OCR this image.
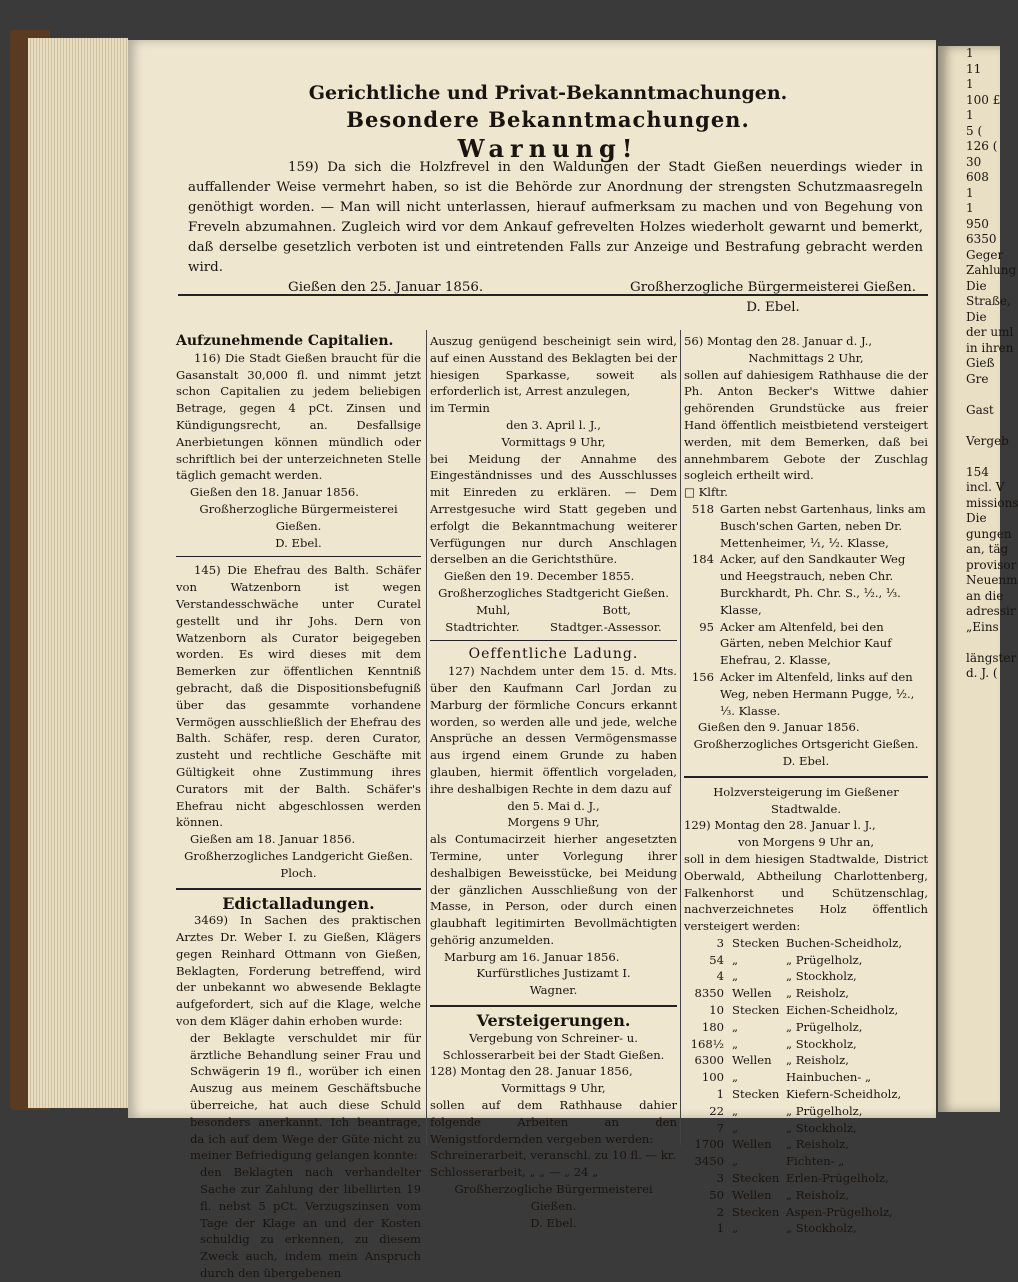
Gerichtliche und Privat-Bekanntmachungen.

Besondere Bekanntmachungen.

Warnung!

159) Da sich die Holzfrevel in den Waldungen der Stadt Gießen neuerdings wieder in auffallender Weise vermehrt haben, so ist die Behörde zur Anordnung der strengsten Schutzmaasregeln genöthigt worden. — Man will nicht unterlassen, hierauf aufmerksam zu machen und von Begehung von Freveln abzumahnen. Zugleich wird vor dem Ankauf gefrevelten Holzes wiederholt gewarnt und bemerkt, daß derselbe gesetzlich verboten ist und eintretenden Falls zur Anzeige und Bestrafung gebracht werden wird.

Gießen den 25. Januar 1856.	Großherzogliche Bürgermeisterei Gießen.
D. Ebel.

Aufzunehmende Capitalien.

116) Die Stadt Gießen braucht für die Gasanstalt 30,000 fl. und nimmt jetzt schon Capitalien zu jedem beliebigen Betrage, gegen 4 pCt. Zinsen und Kündigungsrecht, an. Desfallsige Anerbietungen können mündlich oder schriftlich bei der unterzeichneten Stelle täglich gemacht werden.

Gießen den 18. Januar 1856.

Großherzogliche Bürgermeisterei Gießen.

D. Ebel.

145) Die Ehefrau des Balth. Schäfer von Watzenborn ist wegen Verstandesschwäche unter Curatel gestellt und ihr Johs. Dern von Watzenborn als Curator beigegeben worden. Es wird dieses mit dem Bemerken zur öffentlichen Kenntniß gebracht, daß die Dispositionsbefugniß über das gesammte vorhandene Vermögen ausschließlich der Ehefrau des Balth. Schäfer, resp. deren Curator, zusteht und rechtliche Geschäfte mit Gültigkeit ohne Zustimmung ihres Curators mit der Balth. Schäfer's Ehefrau nicht abgeschlossen werden können.

Gießen am 18. Januar 1856.

Großherzogliches Landgericht Gießen.

Ploch.

Edictalladungen.

3469) In Sachen des praktischen Arztes Dr. Weber I. zu Gießen, Klägers gegen Reinhard Ottmann von Gießen, Beklagten, Forderung betreffend, wird der unbekannt wo abwesende Beklagte aufgefordert, sich auf die Klage, welche von dem Kläger dahin erhoben wurde:

der Beklagte verschuldet mir für ärztliche Behandlung seiner Frau und Schwägerin 19 fl., worüber ich einen Auszug aus meinem Geschäftsbuche überreiche, hat auch diese Schuld besonders anerkannt. Ich beantrage, da ich auf dem Wege der Güte nicht zu meiner Befriedigung gelangen konnte:

den Beklagten nach verhandelter Sache zur Zahlung der libellirten 19 fl. nebst 5 pCt. Verzugszinsen vom Tage der Klage an und der Kosten schuldig zu erkennen, zu diesem Zweck auch, indem mein Anspruch durch den übergebenen

Auszug genügend bescheinigt sein wird, auf einen Ausstand des Beklagten bei der hiesigen Sparkasse, soweit als erforderlich ist, Arrest anzulegen,

im Termin

den 3. April l. J.,

Vormittags 9 Uhr,

bei Meidung der Annahme des Eingeständnisses und des Ausschlusses mit Einreden zu erklären. — Dem Arrestgesuche wird Statt gegeben und erfolgt die Bekanntmachung weiterer Verfügungen nur durch Anschlagen derselben an die Gerichtsthüre.

Gießen den 19. December 1855.

Großherzogliches Stadtgericht Gießen.

Muhl,	Bott,
Stadtrichter.	Stadtger.-Assessor.

Oeffentliche Ladung.

127) Nachdem unter dem 15. d. Mts. über den Kaufmann Carl Jordan zu Marburg der förmliche Concurs erkannt worden, so werden alle und jede, welche Ansprüche an dessen Vermögensmasse aus irgend einem Grunde zu haben glauben, hiermit öffentlich vorgeladen, ihre deshalbigen Rechte in dem dazu auf

den 5. Mai d. J.,

Morgens 9 Uhr,

als Contumacirzeit hierher angesetzten Termine, unter Vorlegung ihrer deshalbigen Beweisstücke, bei Meidung der gänzlichen Ausschließung von der Masse, in Person, oder durch einen glaubhaft legitimirten Bevollmächtigten gehörig anzumelden.

Marburg am 16. Januar 1856.

Kurfürstliches Justizamt I.

Wagner.

Versteigerungen.

Vergebung von Schreiner- u. Schlosserarbeit bei der Stadt Gießen.

128) Montag den 28. Januar 1856,

Vormittags 9 Uhr,

sollen auf dem Rathhause dahier folgende Arbeiten an den Wenigstfordernden vergeben werden:

Schreinerarbeit, veranschl. zu 10 fl. — kr.

Schlosserarbeit, „ „ — „ 24 „

Großherzogliche Bürgermeisterei Gießen.

D. Ebel.

56) Montag den 28. Januar d. J.,

Nachmittags 2 Uhr,

sollen auf dahiesigem Rathhause die der Ph. Anton Becker's Wittwe dahier gehörenden Grundstücke aus freier Hand öffentlich meistbietend versteigert werden, mit dem Bemerken, daß bei annehmbarem Gebote der Zuschlag sogleich ertheilt wird.

□ Klftr.

518 Garten nebst Gartenhaus, links am Busch'schen Garten, neben Dr. Mettenheimer, ¹⁄₁, ¹⁄₂. Klasse,
184 Acker, auf den Sandkauter Weg und Heegstrauch, neben Chr. Burckhardt, Ph. Chr. S., ¹⁄₂., ¹⁄₃. Klasse,
95 Acker am Altenfeld, bei den Gärten, neben Melchior Kauf Ehefrau, 2. Klasse,
156 Acker im Altenfeld, links auf den Weg, neben Hermann Pugge, ¹⁄₂., ¹⁄₃. Klasse.

Gießen den 9. Januar 1856.

Großherzogliches Ortsgericht Gießen.

D. Ebel.

Holzversteigerung im Gießener Stadtwalde.

129) Montag den 28. Januar l. J.,

von Morgens 9 Uhr an,

soll in dem hiesigen Stadtwalde, District Oberwald, Abtheilung Charlottenberg, Falkenhorst und Schützenschlag, nachverzeichnetes Holz öffentlich versteigert werden:

3 Stecken Buchen-Scheidholz,
54 „	„ Prügelholz,
4 „	„ Stockholz,
8350 Wellen	„ Reisholz,
10 Stecken Eichen-Scheidholz,
180 „	„ Prügelholz,
168½ „	„ Stockholz,
6300 Wellen	„ Reisholz,
100 „	Hainbuchen- „
1 Stecken Kiefern-Scheidholz,
22 „	„ Prügelholz,
7 „	„ Stockholz,
1700 Wellen	„ Reisholz,
3450 „	Fichten- „
3 Stecken Erlen-Prügelholz,
50 Wellen	„ Reisholz,
2 Stecken Aspen-Prügelholz,
1 „	„ Stockholz,
1
11
1
100 £
1
5 (
126 (
30
608
1
1
950
6350
Geger
Zahlung
Die
Straße,
Die
der uml
in ihren
Gieß
Gre

Gast

Vergeb

154
incl. V
missions
Die
gungen
an, täg
provisor
Neuenm
an die
adressir
„Eins

längster
d. J. (
